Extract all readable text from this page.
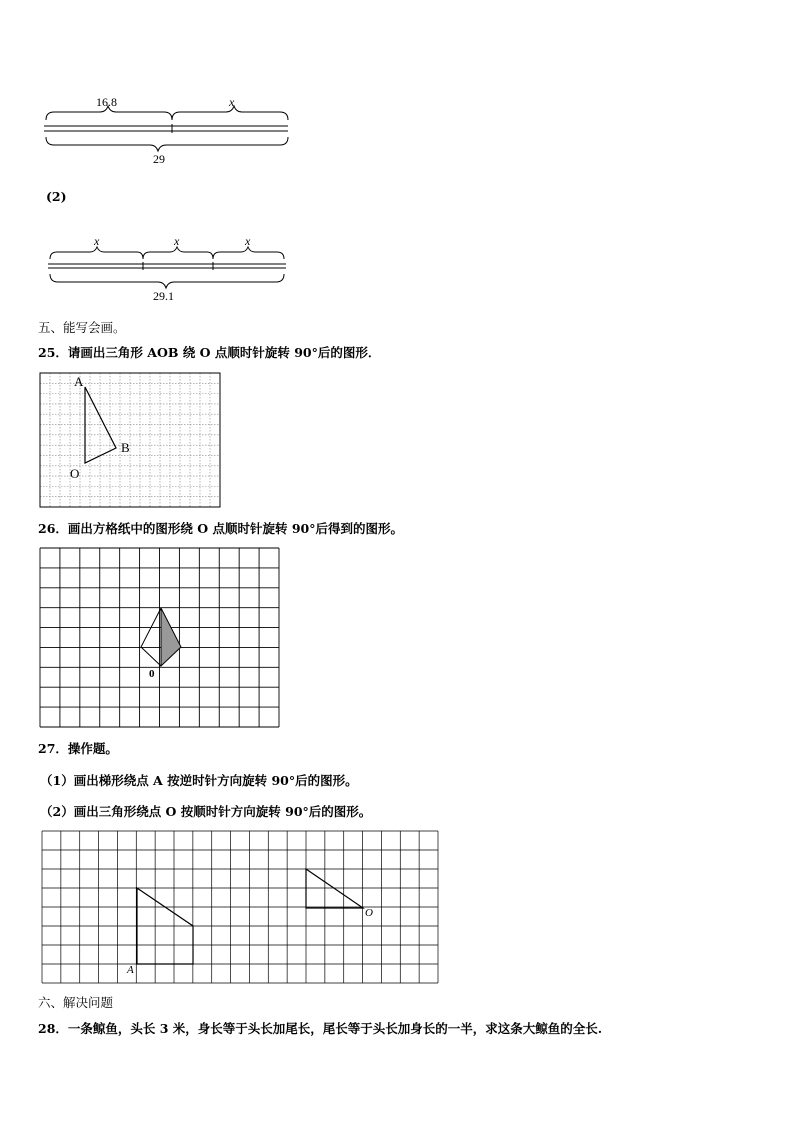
16.8	x
29
(2)
x	x	x
29.1
五、能写会画。
25．请画出三角形 AOB 绕 O 点顺时针旋转 90°后的图形．
A
B
O
26．画出方格纸中的图形绕 O 点顺时针旋转 90°后得到的图形。
0
27．操作题。
（1）画出梯形绕点 A 按逆时针方向旋转 90°后的图形。
（2）画出三角形绕点 O 按顺时针方向旋转 90°后的图形。
A
O
六、解决问题
28．一条鲸鱼，头长 3 米，身长等于头长加尾长，尾长等于头长加身长的一半，求这条大鲸鱼的全长.
